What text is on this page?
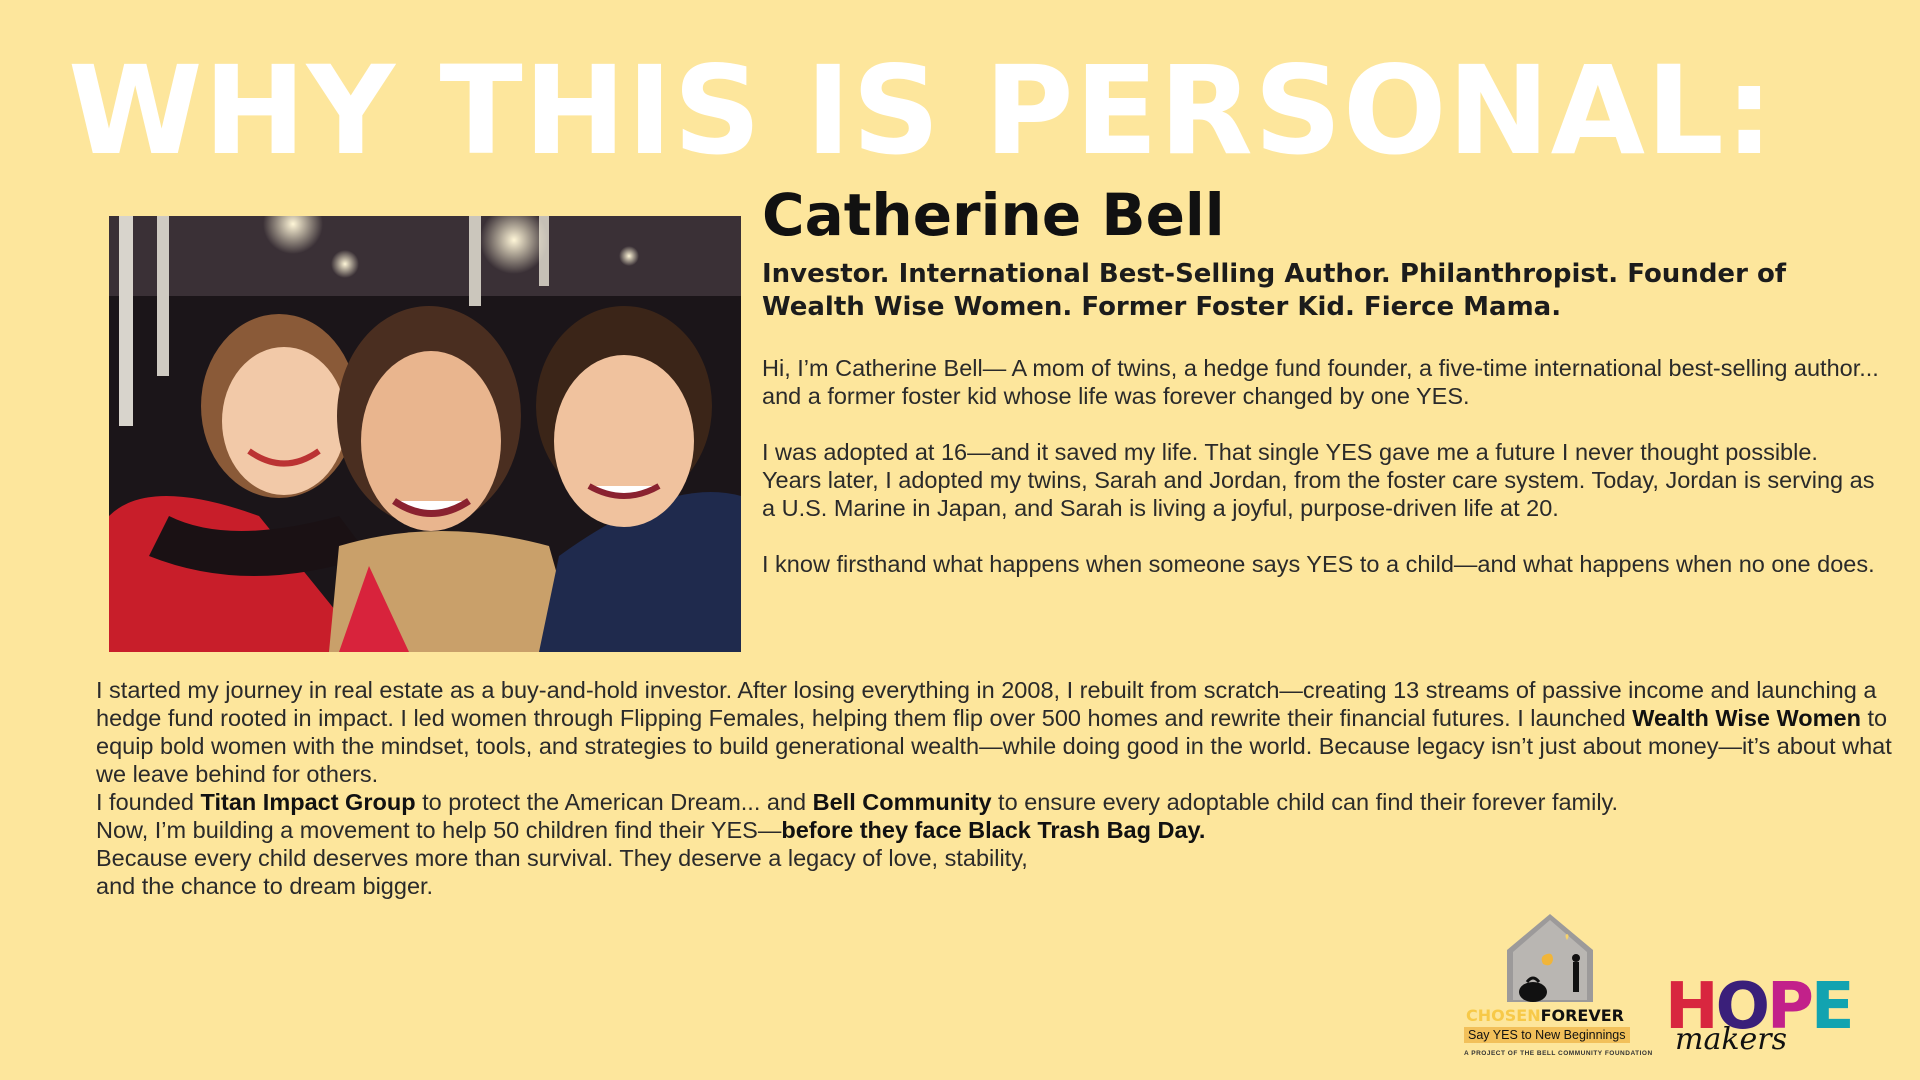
WHY THIS IS PERSONAL:
Catherine Bell

Investor. International Best-Selling Author. Philanthropist. Founder of Wealth Wise Women. Former Foster Kid. Fierce Mama.

Hi, I’m Catherine Bell— A mom of twins, a hedge fund founder, a five-time international best-selling author... and a former foster kid whose life was forever changed by one YES.

I was adopted at 16—and it saved my life. That single YES gave me a future I never thought possible. Years later, I adopted my twins, Sarah and Jordan, from the foster care system. Today, Jordan is serving as a U.S. Marine in Japan, and Sarah is living a joyful, purpose-driven life at 20.

I know firsthand what happens when someone says YES to a child—and what happens when no one does.

I started my journey in real estate as a buy-and-hold investor. After losing everything in 2008, I rebuilt from scratch—creating 13 streams of passive income and launching a hedge fund rooted in impact. I led women through Flipping Females, helping them flip over 500 homes and rewrite their financial futures. I launched Wealth Wise Women to equip bold women with the mindset, tools, and strategies to build generational wealth—while doing good in the world. Because legacy isn’t just about money—it’s about what we leave behind for others.
I founded Titan Impact Group to protect the American Dream... and Bell Community to ensure every adoptable child can find their forever family.

Now, I’m building a movement to help 50 children find their YES—before they face Black Trash Bag Day.

Because every child deserves more than survival. They deserve a legacy of love, stability,
and the chance to dream bigger.

CHOSENFOREVER
Say YES to New Beginnings
A PROJECT OF THE BELL COMMUNITY FOUNDATION
HOPE
makers
